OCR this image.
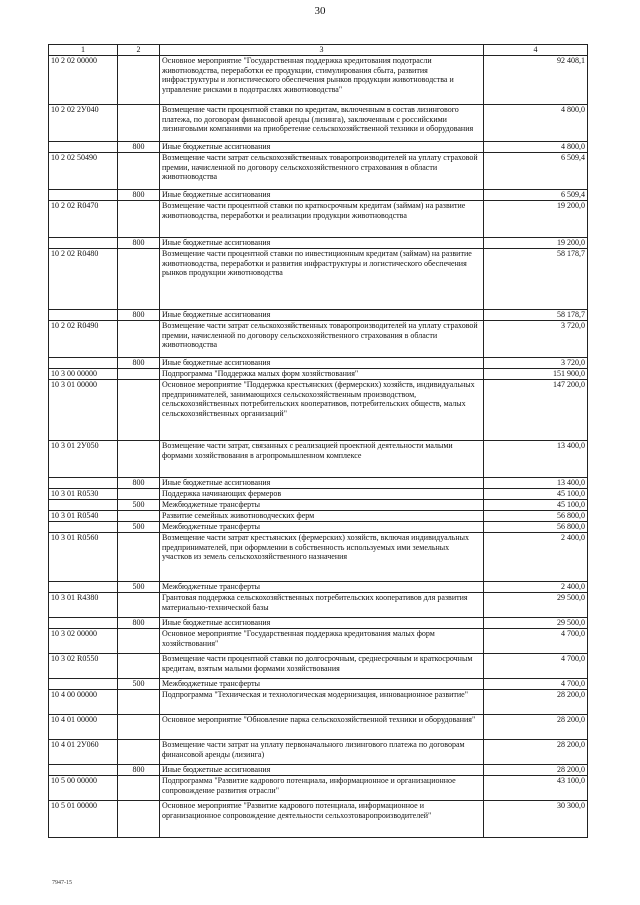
30
1	2	3	4
10 2 02 00000		Основное мероприятие "Государственная поддержка кредитования подотрасли животноводства, переработки ее продукции, стимулирования сбыта, развития инфраструктуры и логистического обеспечения рынков продукции животноводства и управление рисками в подотраслях животноводства"	92 408,1
10 2 02 2У040		Возмещение части процентной ставки по кредитам, включенным в состав лизингового платежа, по договорам финансовой аренды (лизинга), заключенным с российскими лизинговыми компаниями на приобретение сельскохозяйственной техники и оборудования	4 800,0
	800	Иные бюджетные ассигнования	4 800,0
10 2 02 50490		Возмещение части затрат сельскохозяйственных товаропроизводителей на уплату страховой премии, начисленной по договору сельскохозяйственного страхования в области животноводства	6 509,4
	800	Иные бюджетные ассигнования	6 509,4
10 2 02 R0470		Возмещение части процентной ставки по краткосрочным кредитам (займам) на развитие животноводства, переработки и реализации продукции животноводства	19 200,0
	800	Иные бюджетные ассигнования	19 200,0
10 2 02 R0480		Возмещение части процентной ставки по инвестиционным кредитам (займам) на развитие животноводства, переработки и развития инфраструктуры и логистического обеспечения рынков продукции животноводства	58 178,7
	800	Иные бюджетные ассигнования	58 178,7
10 2 02 R0490		Возмещение части затрат сельскохозяйственных товаропроизводителей на уплату страховой премии, начисленной по договору сельскохозяйственного страхования в области животноводства	3 720,0
	800	Иные бюджетные ассигнования	3 720,0
10 3 00 00000		Подпрограмма "Поддержка малых форм хозяйствования"	151 900,0
10 3 01 00000		Основное мероприятие "Поддержка крестьянских (фермерских) хозяйств, индивидуальных предпринимателей, занимающихся сельскохозяйственным производством, сельскохозяйственных потребительских кооперативов, потребительских обществ, малых сельскохозяйственных организаций"	147 200,0
10 3 01 2У050		Возмещение части затрат, связанных с реализацией проектной деятельности малыми формами хозяйствования в агропромышленном комплексе	13 400,0
	800	Иные бюджетные ассигнования	13 400,0
10 3 01 R0530		Поддержка начинающих фермеров	45 100,0
	500	Межбюджетные трансферты	45 100,0
10 3 01 R0540		Развитие семейных животноводческих ферм	56 800,0
	500	Межбюджетные трансферты	56 800,0
10 3 01 R0560		Возмещение части затрат крестьянских (фермерских) хозяйств, включая индивидуальных предпринимателей, при оформлении в собственность используемых ими земельных участков из земель сельскохозяйственного назначения	2 400,0
	500	Межбюджетные трансферты	2 400,0
10 3 01 R4380		Грантовая поддержка сельскохозяйственных потребительских кооперативов для развития материально-технической базы	29 500,0
	800	Иные бюджетные ассигнования	29 500,0
10 3 02 00000		Основное мероприятие "Государственная поддержка кредитования малых форм хозяйствования"	4 700,0
10 3 02 R0550		Возмещение части процентной ставки по долгосрочным, среднесрочным и краткосрочным кредитам, взятым малыми формами хозяйствования	4 700,0
	500	Межбюджетные трансферты	4 700,0
10 4 00 00000		Подпрограмма "Техническая и технологическая модернизация, инновационное развитие"	28 200,0
10 4 01 00000		Основное мероприятие "Обновление парка сельскохозяйственной техники и оборудования"	28 200,0
10 4 01 2У060		Возмещение части затрат на уплату первоначального лизингового платежа по договорам финансовой аренды (лизинга)	28 200,0
	800	Иные бюджетные ассигнования	28 200,0
10 5 00 00000		Подпрограмма "Развитие кадрового потенциала, информационное и организационное сопровождение развития отрасли"	43 100,0
10 5 01 00000		Основное мероприятие "Развитие кадрового потенциала, информационное и организационное сопровождение деятельности сельхозтоваропроизводителей"	30 300,0
7947-15
